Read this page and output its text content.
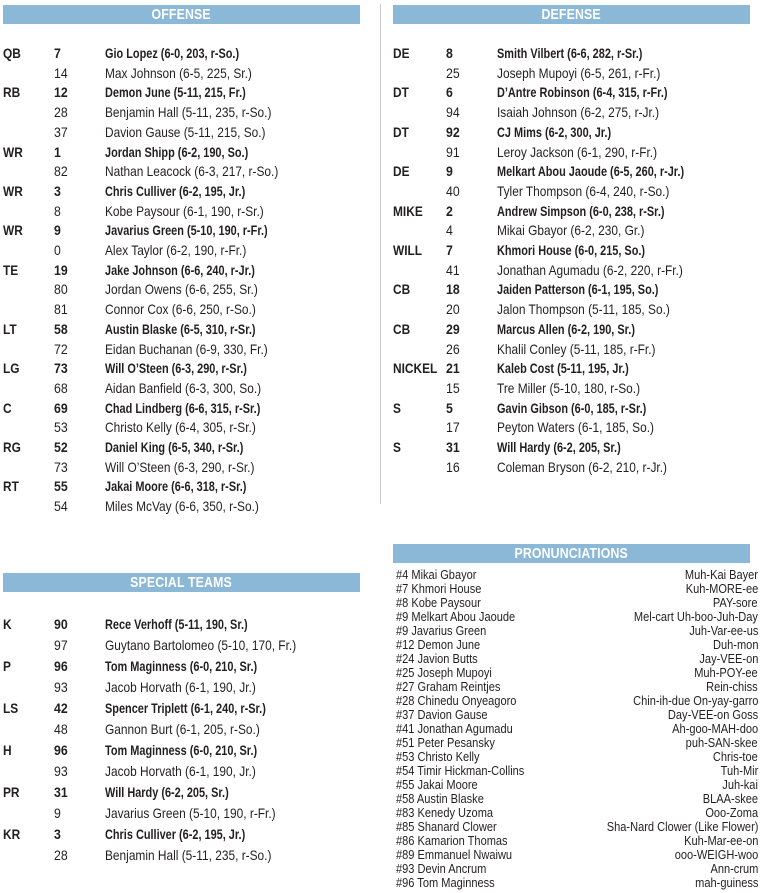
OFFENSE
QB 7	Gio Lopez (6-0, 203, r-So.)
14	Max Johnson (6-5, 225, Sr.)
RB 12	Demon June (5-11, 215, Fr.)
28	Benjamin Hall (5-11, 235, r-So.)
37	Davion Gause (5-11, 215, So.)
WR 1	Jordan Shipp (6-2, 190, So.)
82	Nathan Leacock (6-3, 217, r-So.)
WR 3	Chris Culliver (6-2, 195, Jr.)
8	Kobe Paysour (6-1, 190, r-Sr.)
WR 9	Javarius Green (5-10, 190, r-Fr.)
0	Alex Taylor (6-2, 190, r-Fr.)
TE	19	Jake Johnson (6-6, 240, r-Jr.)
80	Jordan Owens (6-6, 255, Sr.)
81	Connor Cox (6-6, 250, r-So.)
LT	58	Austin Blaske (6-5, 310, r-Sr.)
72	Eidan Buchanan (6-9, 330, Fr.)
LG 73	Will O’Steen (6-3, 290, r-Sr.)
68	Aidan Banfield (6-3, 300, So.)
C	69	Chad Lindberg (6-6, 315, r-Sr.)
53	Christo Kelly (6-4, 305, r-Sr.)
RG 52	Daniel King (6-5, 340, r-Sr.)
73	Will O’Steen (6-3, 290, r-Sr.)
RT	55	Jakai Moore (6-6, 318, r-Sr.)
54	Miles McVay (6-6, 350, r-So.)
DEFENSE
DE	8	Smith Vilbert (6-6, 282, r-Sr.)
25	Joseph Mupoyi (6-5, 261, r-Fr.)
DT	6	D’Antre Robinson (6-4, 315, r-Fr.)
94	Isaiah Johnson (6-2, 275, r-Jr.)
DT	92	CJ Mims (6-2, 300, Jr.)
91	Leroy Jackson (6-1, 290, r-Fr.)
DE	9	Melkart Abou Jaoude (6-5, 260, r-Jr.)
40	Tyler Thompson (6-4, 240, r-So.)
MIKE 2	Andrew Simpson (6-0, 238, r-Sr.)
4	Mikai Gbayor (6-2, 230, Gr.)
WILL 7	Khmori House (6-0, 215, So.)
41	Jonathan Agumadu (6-2, 220, r-Fr.)
CB	18	Jaiden Patterson (6-1, 195, So.)
20	Jalon Thompson (5-11, 185, So.)
CB	29	Marcus Allen (6-2, 190, Sr.)
26	Khalil Conley (5-11, 185, r-Fr.)
NICKEL 21	Kaleb Cost (5-11, 195, Jr.)
15	Tre Miller (5-10, 180, r-So.)
S	5	Gavin Gibson (6-0, 185, r-Sr.)
17	Peyton Waters (6-1, 185, So.)
S	31	Will Hardy (6-2, 205, Sr.)
16	Coleman Bryson (6-2, 210, r-Jr.)
SPECIAL TEAMS
K	90	Rece Verhoff (5-11, 190, Sr.)
97	Guytano Bartolomeo (5-10, 170, Fr.)
P	96	Tom Maginness (6-0, 210, Sr.)
93	Jacob Horvath (6-1, 190, Jr.)
LS	42	Spencer Triplett (6-1, 240, r-Sr.)
48	Gannon Burt (6-1, 205, r-So.)
H	96	Tom Maginness (6-0, 210, Sr.)
93	Jacob Horvath (6-1, 190, Jr.)
PR 31	Will Hardy (6-2, 205, Sr.)
9	Javarius Green (5-10, 190, r-Fr.)
KR 3	Chris Culliver (6-2, 195, Jr.)
28	Benjamin Hall (5-11, 235, r-So.)
PRONUNCIATIONS
#4 Mikai Gbayor	Muh-Kai Bayer
#7 Khmori House	Kuh-MORE-ee
#8 Kobe Paysour	PAY-sore
#9 Melkart Abou Jaoude	Mel-cart Uh-boo-Juh-Day
#9 Javarius Green	Juh-Var-ee-us
#12 Demon June	Duh-mon
#24 Javion Butts	Jay-VEE-on
#25 Joseph Mupoyi	Muh-POY-ee
#27 Graham Reintjes	Rein-chiss
#28 Chinedu Onyeagoro	Chin-ih-due On-yay-garro
#37 Davion Gause	Day-VEE-on Goss
#41 Jonathan Agumadu	Ah-goo-MAH-doo
#51 Peter Pesansky	puh-SAN-skee
#53 Christo Kelly	Chris-toe
#54 Timir Hickman-Collins	Tuh-Mir
#55 Jakai Moore	Juh-kai
#58 Austin Blaske	BLAA-skee
#83 Kenedy Uzoma	Ooo-Zoma
#85 Shanard Clower	Sha-Nard Clower (Like Flower)
#86 Kamarion Thomas	Kuh-Mar-ee-on
#89 Emmanuel Nwaiwu	ooo-WEIGH-woo
#93 Devin Ancrum	Ann-crum
#96 Tom Maginness	mah-guiness
